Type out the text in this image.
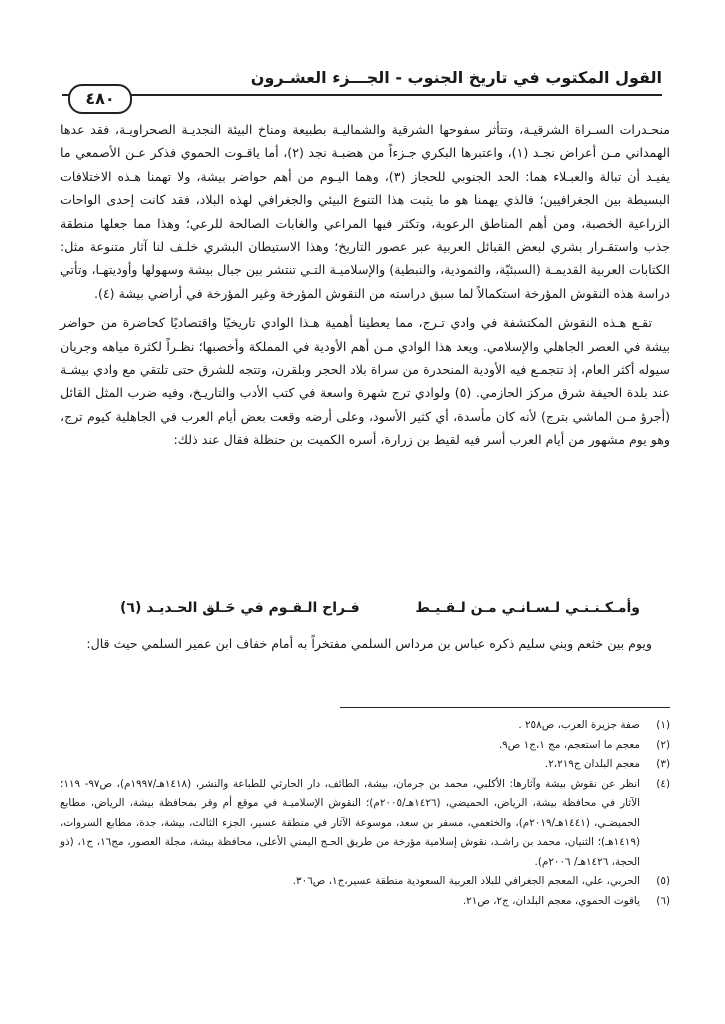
القول المكتوب في تاريخ الجنوب - الجـــزء العشـرون
٤٨٠

منحـدرات السـراة الشرقيـة، وتتأثر سفوحها الشرقية والشماليـة بطبيعة ومناخ البيئة النجديـة الصحراويـة، فقد عدها الهمداني مـن أعراض نجـد (١)، واعتبرها البكري جـزءاً من هضبـة نجد (٢)، أما ياقـوت الحموي فذكر عـن الأصمعي ما يفيـد أن تبالة والعبـلاء هما: الحد الجنوبي للحجاز (٣)، وهما اليـوم من أهم حواضر بيشة، ولا تهمنا هـذه الاختلافات البسيطة بين الجغرافيين؛ فالذي يهمنا هو ما يثبت هذا التنوع البيئي والجغرافي لهذه البلاد، فقد كانت إحدى الواحات الزراعية الخصبة، ومن أهم المناطق الرعوية، وتكثر فيها المراعي والغابات الصالحة للرعي؛ وهذا مما جعلها منطقة جذب واستقـرار بشري لبعض القبائل العربية عبر عصور التاريخ؛ وهذا الاستيطان البشري خلـف لنا آثار متنوعة مثل: الكتابات العربية القديمـة (السبئيّة، والثمودية، والنبطية) والإسلاميـة التـي تنتشر بين جبال بيشة وسهولها وأوديتهـا، وتأتي دراسة هذه النقوش المؤرخة استكمالاً لما سبق دراسته من النقوش المؤرخة وغير المؤرخة في أراضي بيشة (٤).

تقـع هـذه النقوش المكتشفة في وادي تـرج، مما يعطينا أهمية هـذا الوادي تاريخيًا واقتصاديًا كحاضرة من حواضر بيشة في العصر الجاهلي والإسلامي. ويعد هذا الوادي مـن أهم الأودية في المملكة وأخصبها؛ نظـراً لكثرة مياهه وجريان سيوله أكثر العام، إذ تتجمـع فيه الأودية المنحدرة من سراة بلاد الحجر وبلقرن، وتتجه للشرق حتى تلتقي مع وادي بيشـة عند بلدة الحيفة شرق مركز الحازمي. (٥) ولوادي ترج شهرة واسعة في كتب الأدب والتاريـخ، وفيه ضرب المثل القائل (أجرؤ مـن الماشي بترج) لأنه كان مأسدة، أي كثير الأسود، وعلى أرضه وقعت بعض أيام العرب في الجاهلية كيوم ترج، وهو يوم مشهور من أيام العرب أسر فيه لقيط بن زرارة، أسره الكميت بن حنظلة فقال عند ذلك:

وأمـكـنـنـي لـسـانـي مـن لـقـيـط
فـراح الـقـوم في حَـلق الحـديـد (٦)

ويوم بين خثعم وبني سليم ذكره عباس بن مرداس السلمي مفتخراً به أمام خفاف ابن عمير السلمي حيث قال:

(١)
صفة جزيرة العرب، ص٢٥٨ .
(٢)
معجم ما استعجم، مج ١،ج١ ص٩.
(٣)
معجم البلدان ج٢،٢١٩.
(٤)
انظر عن نقوش بيشة وآثارها: الأكلبي، محمد بن جرمان، بيشة، الطائف، دار الحارثي للطباعة والنشر، (١٤١٨هـ/١٩٩٧م)، ص٩٧- ١١٩؛ الآثار في محافظة بيشة، الرياض، الحميضي، (١٤٢٦هـ/٢٠٠٥م)؛ النقوش الإسلاميـة في موقع أم وقر بمحافظة بيشة، الرياض، مطابع الحميضـي، (١٤٤١هـ/٢٠١٩م)، والخثعمي، مسفر بن سعد، موسوعة الآثار في منطقة عسير، الجزء الثالث، بيشة، جدة، مطابع السروات، (١٤١٩هـ)؛ الثنيان، محمد بن راشـد، نقوش إسلامية مؤرخة من طريق الحـج اليمني الأعلى، محافظة بيشة، مجلة العصور، مج١٦، ج١، (ذو الحجة، ١٤٢٦هـ/ ٢٠٠٦م).
(٥)
الحربي، علي، المعجم الجغرافي للبلاد العربية السعودية منطقة عسير،ج١، ص٣٠٦.
(٦)
ياقوت الحموي، معجم البلدان، ج٢، ص٢١.
